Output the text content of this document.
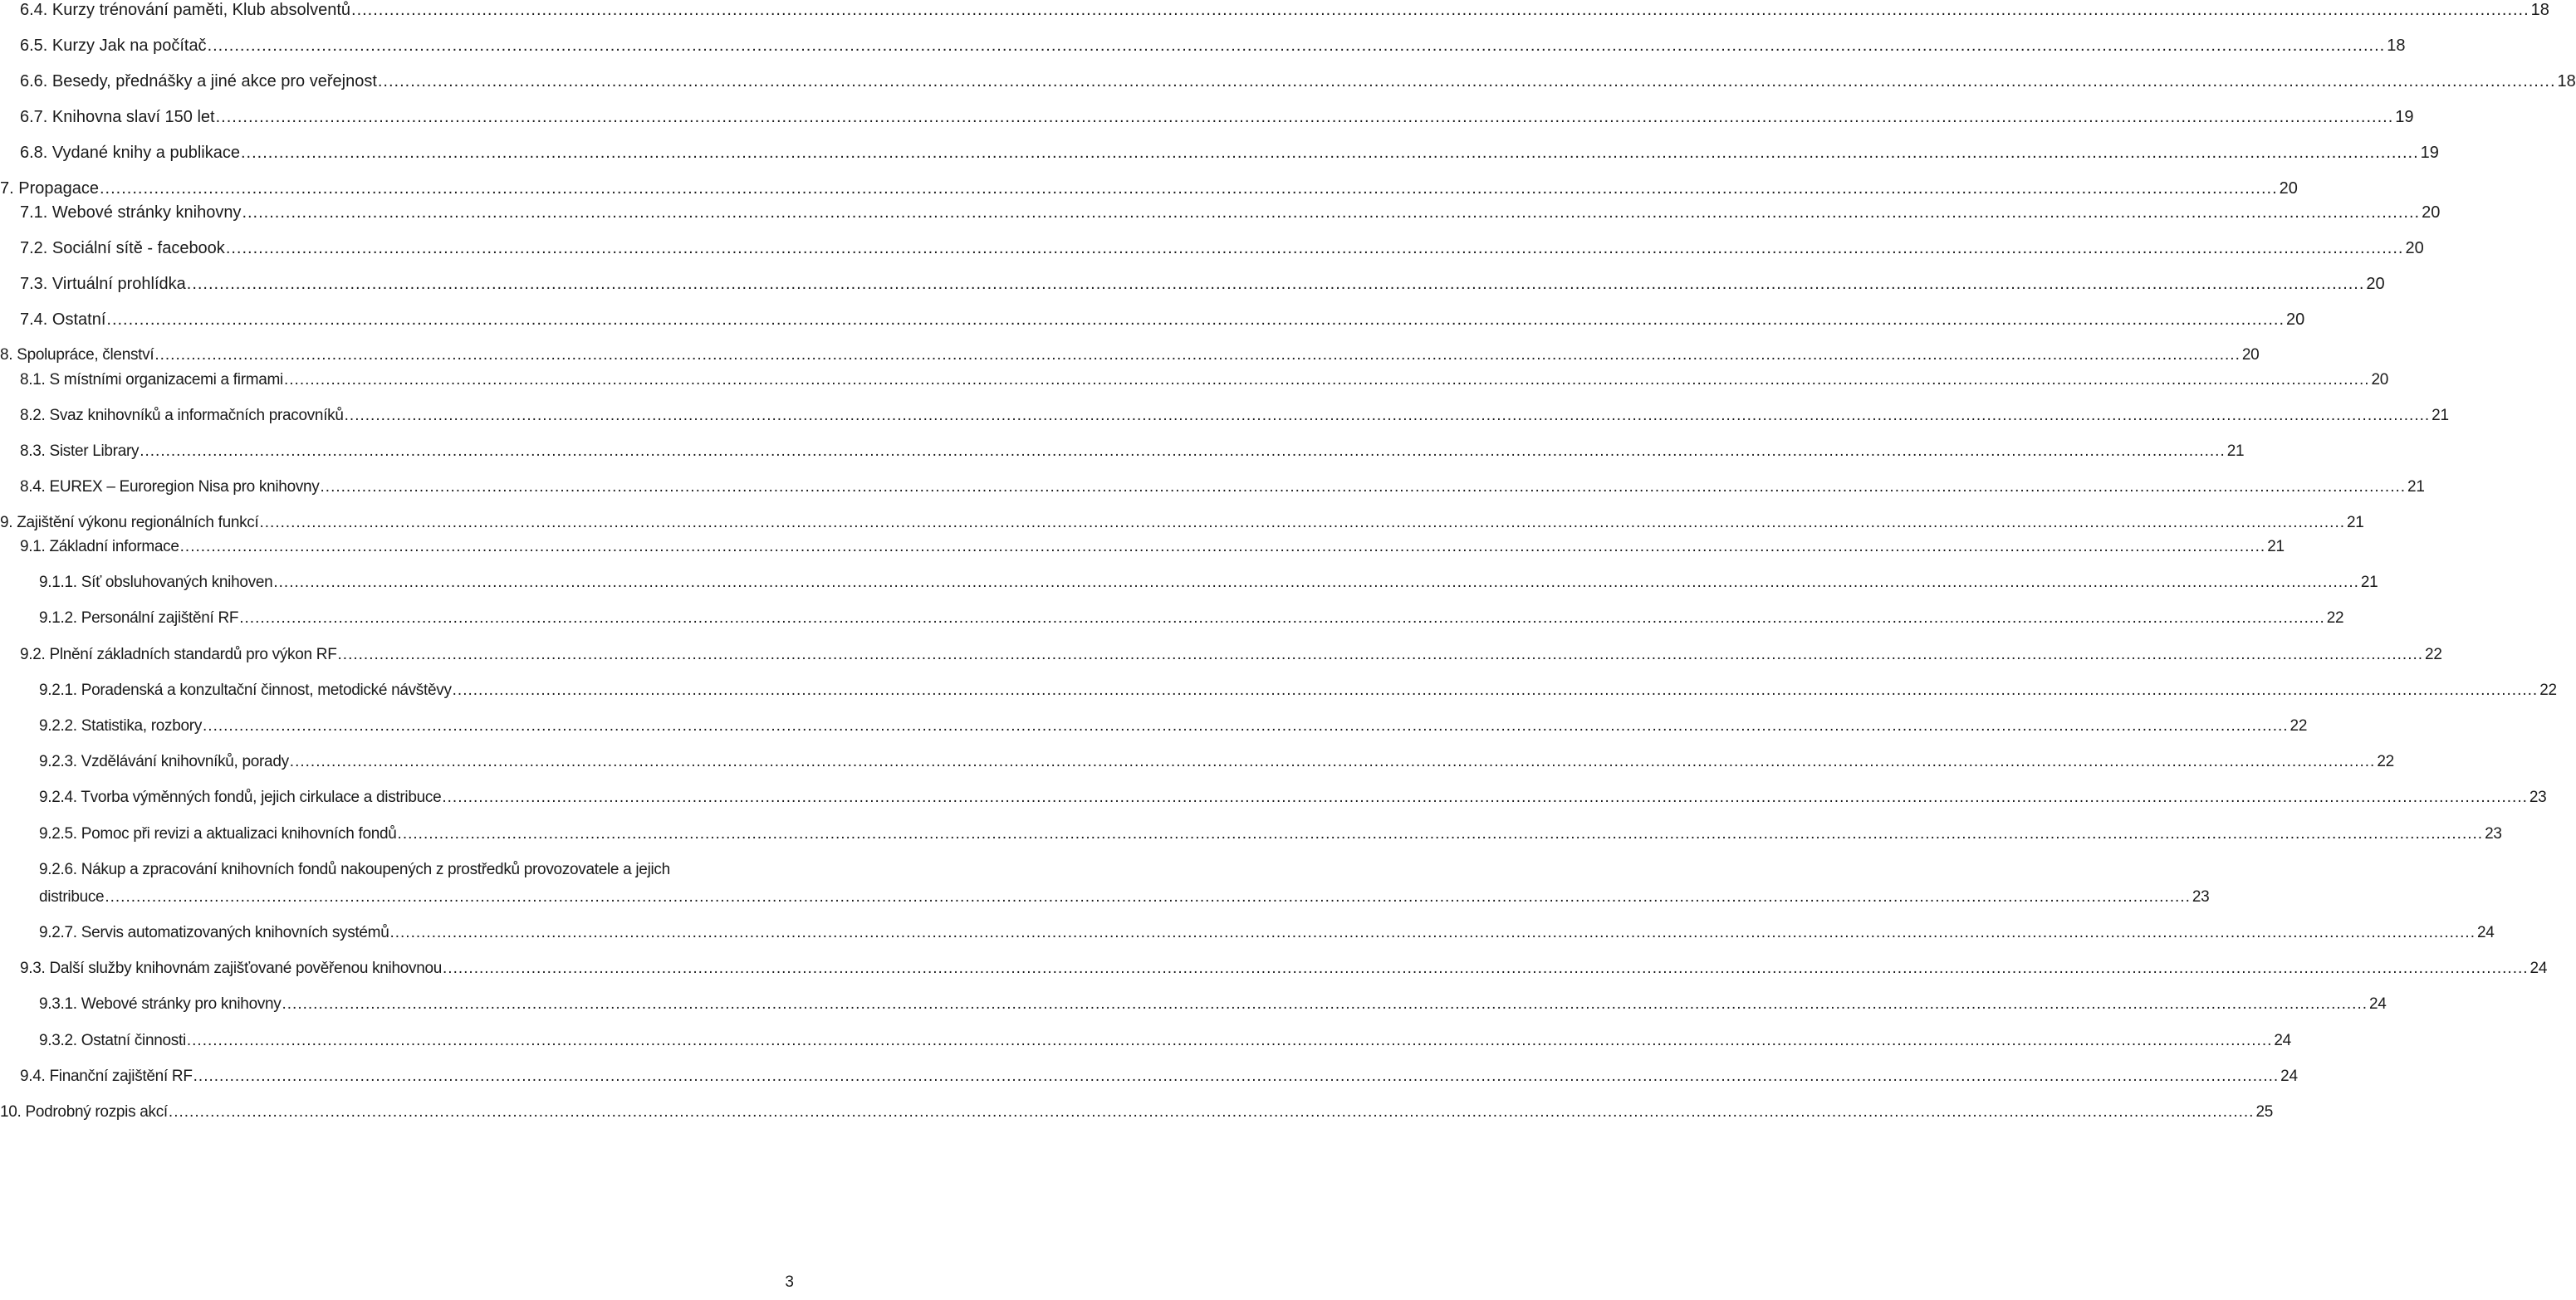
6.4. Kurzy trénování paměti, Klub absolventů ................................................................................................................................................................................................................................................................................................................................................................................................................ 18
6.5. Kurzy Jak na počítač ................................................................................................................................................................................................................................................................................................................................................................................................................ 18
6.6. Besedy, přednášky a jiné akce pro veřejnost ................................................................................................................................................................................................................................................................................................................................................................................................................ 18
6.7. Knihovna slaví 150 let ................................................................................................................................................................................................................................................................................................................................................................................................................ 19
6.8. Vydané knihy a publikace ................................................................................................................................................................................................................................................................................................................................................................................................................ 19
7. Propagace ................................................................................................................................................................................................................................................................................................................................................................................................................ 20
7.1. Webové stránky knihovny ................................................................................................................................................................................................................................................................................................................................................................................................................ 20
7.2. Sociální sítě - facebook ................................................................................................................................................................................................................................................................................................................................................................................................................ 20
7.3. Virtuální prohlídka ................................................................................................................................................................................................................................................................................................................................................................................................................ 20
7.4. Ostatní ................................................................................................................................................................................................................................................................................................................................................................................................................ 20
8. Spolupráce, členství ................................................................................................................................................................................................................................................................................................................................................................................................................ 20
8.1. S místními organizacemi a firmami ................................................................................................................................................................................................................................................................................................................................................................................................................ 20
8.2. Svaz knihovníků a informačních pracovníků ................................................................................................................................................................................................................................................................................................................................................................................................................ 21
8.3. Sister Library ................................................................................................................................................................................................................................................................................................................................................................................................................ 21
8.4. EUREX – Euroregion Nisa pro knihovny ................................................................................................................................................................................................................................................................................................................................................................................................................ 21
9. Zajištění výkonu regionálních funkcí ................................................................................................................................................................................................................................................................................................................................................................................................................ 21
9.1. Základní informace ................................................................................................................................................................................................................................................................................................................................................................................................................ 21
9.1.1. Síť obsluhovaných knihoven ................................................................................................................................................................................................................................................................................................................................................................................................................ 21
9.1.2. Personální zajištění RF ................................................................................................................................................................................................................................................................................................................................................................................................................ 22
9.2. Plnění základních standardů pro výkon RF ................................................................................................................................................................................................................................................................................................................................................................................................................ 22
9.2.1. Poradenská a konzultační činnost, metodické návštěvy ................................................................................................................................................................................................................................................................................................................................................................................................................ 22
9.2.2. Statistika, rozbory ................................................................................................................................................................................................................................................................................................................................................................................................................ 22
9.2.3. Vzdělávání knihovníků, porady ................................................................................................................................................................................................................................................................................................................................................................................................................ 22
9.2.4. Tvorba výměnných fondů, jejich cirkulace a distribuce ................................................................................................................................................................................................................................................................................................................................................................................................................ 23
9.2.5. Pomoc při revizi a aktualizaci knihovních fondů ................................................................................................................................................................................................................................................................................................................................................................................................................ 23
9.2.6. Nákup a zpracování knihovních fondů nakoupených z prostředků provozovatele a jejich
distribuce ................................................................................................................................................................................................................................................................................................................................................................................................................ 23
9.2.7. Servis automatizovaných knihovních systémů ................................................................................................................................................................................................................................................................................................................................................................................................................ 24
9.3. Další služby knihovnám zajišťované pověřenou knihovnou ................................................................................................................................................................................................................................................................................................................................................................................................................ 24
9.3.1. Webové stránky pro knihovny ................................................................................................................................................................................................................................................................................................................................................................................................................ 24
9.3.2. Ostatní činnosti ................................................................................................................................................................................................................................................................................................................................................................................................................ 24
9.4. Finanční zajištění RF ................................................................................................................................................................................................................................................................................................................................................................................................................ 24
10. Podrobný rozpis akcí ................................................................................................................................................................................................................................................................................................................................................................................................................ 25
3
